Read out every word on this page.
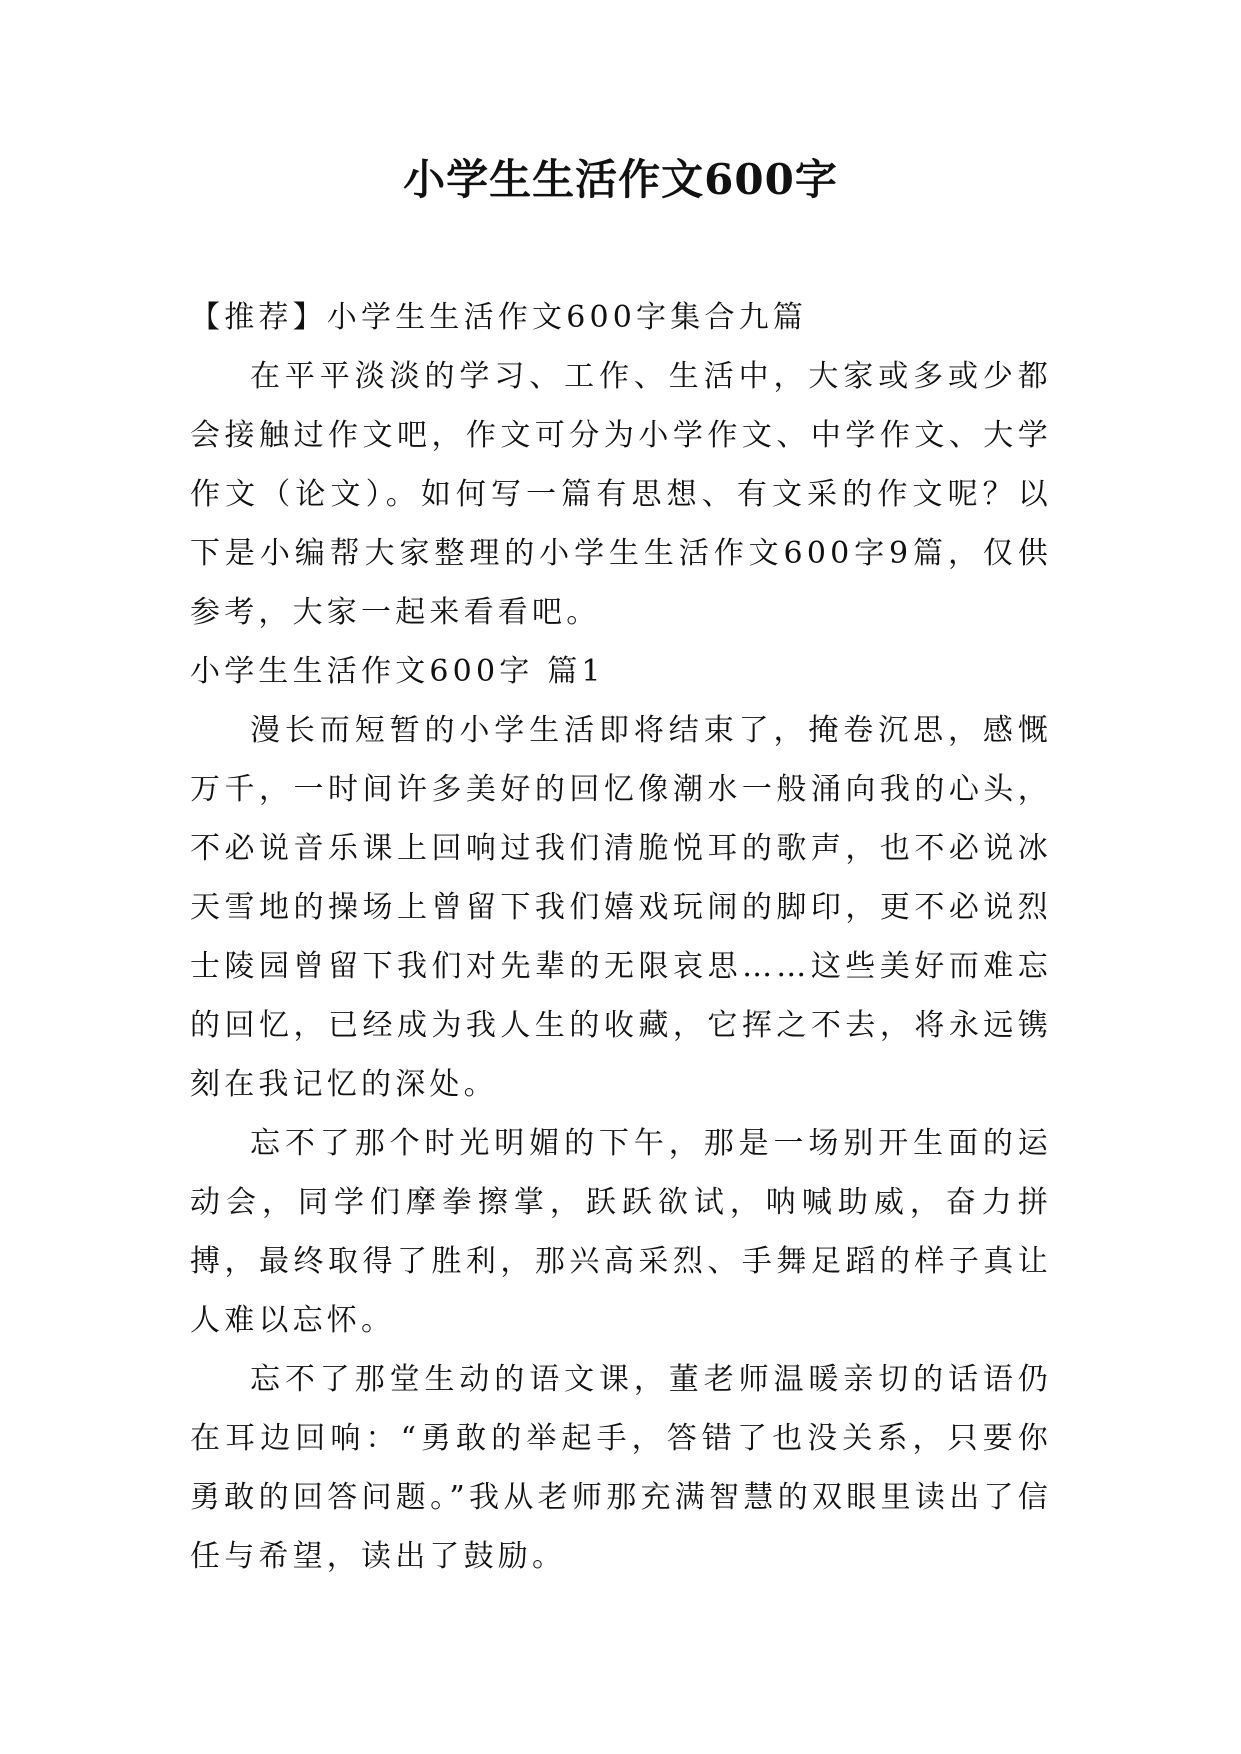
小学生生活作文600字

【推荐】小学生生活作文600字集合九篇

在平平淡淡的学习、工作、生活中，大家或多或少都会接触过作文吧，作文可分为小学作文、中学作文、大学作文（论文）。如何写一篇有思想、有文采的作文呢？以下是小编帮大家整理的小学生生活作文600字9篇，仅供参考，大家一起来看看吧。

小学生生活作文600字 篇1

漫长而短暂的小学生活即将结束了，掩卷沉思，感慨万千，一时间许多美好的回忆像潮水一般涌向我的心头，不必说音乐课上回响过我们清脆悦耳的歌声，也不必说冰天雪地的操场上曾留下我们嬉戏玩闹的脚印，更不必说烈士陵园曾留下我们对先辈的无限哀思……这些美好而难忘的回忆，已经成为我人生的收藏，它挥之不去，将永远镌刻在我记忆的深处。

忘不了那个时光明媚的下午，那是一场别开生面的运动会，同学们摩拳擦掌，跃跃欲试，呐喊助威，奋力拼搏，最终取得了胜利，那兴高采烈、手舞足蹈的样子真让人难以忘怀。

忘不了那堂生动的语文课，董老师温暖亲切的话语仍在耳边回响：“勇敢的举起手，答错了也没关系，只要你勇敢的回答问题。”我从老师那充满智慧的双眼里读出了信任与希望，读出了鼓励。
